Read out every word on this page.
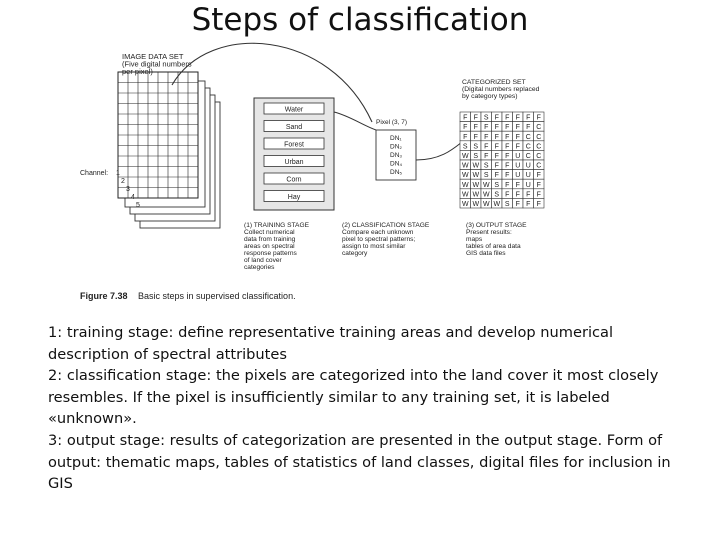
Steps of classification
IMAGE DATA SET (Five digital numbers per pixel)
Channel: 1
2
3
4
5
Water
Sand
Forest
Urban
Corn
Hay
Pixel (3, 7)
DN₁
DN₂
DN₃
DN₄
DN₅
CATEGORIZED SET (Digital numbers replaced by category types)
F F S F F F F F
F F F F F F F C
F F F F F F C C
S S F F F F C C
W S F F F U C C
W W S F F U U C
W W S F F U U F
W W W S F F U F
W W W S F F F F
W W W W S F F F
(1) TRAINING STAGE Collect numerical data from training areas on spectral response patterns of land cover categories
(2) CLASSIFICATION STAGE Compare each unknown pixel to spectral patterns; assign to most similar category
(3) OUTPUT STAGE Present results: maps tables of area data GIS data files
Figure 7.38 Basic steps in supervised classification.

1: training stage: define representative training areas and develop numerical description of spectral attributes

2: classification stage: the pixels are categorized into the land cover it most closely resembles. If the pixel is insufficiently similar to any training set, it is labeled «unknown».

3: output stage: results of categorization are presented in the output stage. Form of output: thematic maps, tables of statistics of land classes, digital files for inclusion in GIS
